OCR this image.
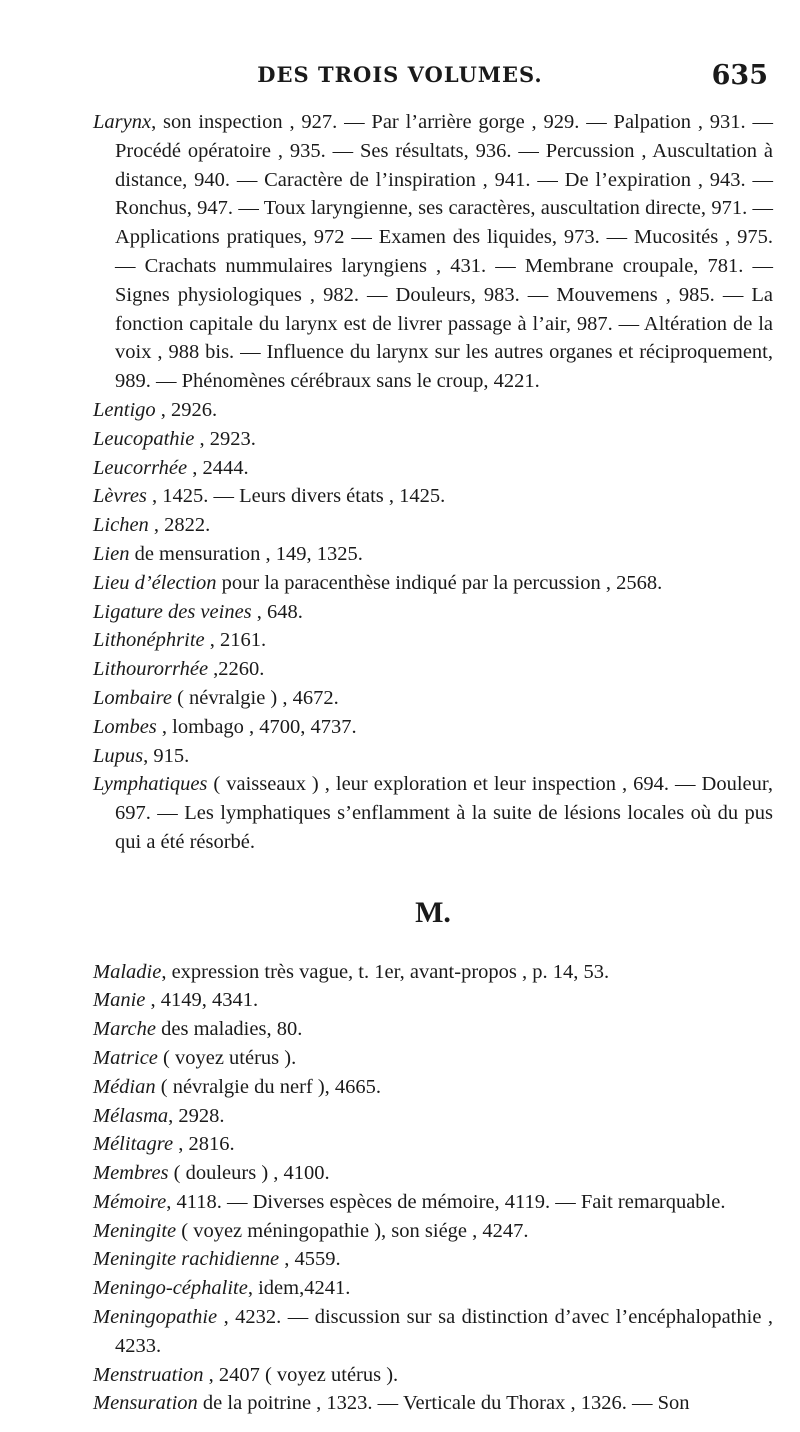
DES TROIS VOLUMES.	635

Larynx, son inspection , 927. — Par l’arrière gorge , 929. — Palpation , 931. — Procédé opératoire , 935. — Ses résultats, 936. — Percussion , Auscultation à distance, 940. — Caractère de l’inspiration , 941. — De l’expiration , 943. — Ronchus, 947. — Toux laryngienne, ses caractères, auscultation directe, 971. — Applications pratiques, 972 — Examen des liquides, 973. — Mucosités , 975. — Crachats nummulaires laryngiens , 431. — Membrane croupale, 781. — Signes physiologiques , 982. — Douleurs, 983. — Mouvemens , 985. — La fonction capitale du larynx est de livrer passage à l’air, 987. — Altération de la voix , 988 bis. — Influence du larynx sur les autres organes et réciproquement, 989. — Phénomènes cérébraux sans le croup, 4221.

Lentigo , 2926.

Leucopathie , 2923.

Leucorrhée , 2444.

Lèvres , 1425. — Leurs divers états , 1425.

Lichen , 2822.

Lien de mensuration , 149, 1325.

Lieu d’élection pour la paracenthèse indiqué par la percussion , 2568.

Ligature des veines , 648.

Lithonéphrite , 2161.

Lithourorrhée ,2260.

Lombaire ( névralgie ) , 4672.

Lombes , lombago , 4700, 4737.

Lupus, 915.

Lymphatiques ( vaisseaux ) , leur exploration et leur inspection , 694. — Douleur, 697. — Les lymphatiques s’enflamment à la suite de lésions locales où du pus qui a été résorbé.

M.

Maladie, expression très vague, t. 1er, avant-propos , p. 14, 53.

Manie , 4149, 4341.

Marche des maladies, 80.

Matrice ( voyez utérus ).

Médian ( névralgie du nerf ), 4665.

Mélasma, 2928.

Mélitagre , 2816.

Membres ( douleurs ) , 4100.

Mémoire, 4118. — Diverses espèces de mémoire, 4119. — Fait remarquable.

Meningite ( voyez méningopathie ), son siége , 4247.

Meningite rachidienne , 4559.

Meningo-céphalite, idem,4241.

Meningopathie , 4232. — discussion sur sa distinction d’avec l’encéphalopathie , 4233.

Menstruation , 2407 ( voyez utérus ).

Mensuration de la poitrine , 1323. — Verticale du Thorax , 1326. — Son
